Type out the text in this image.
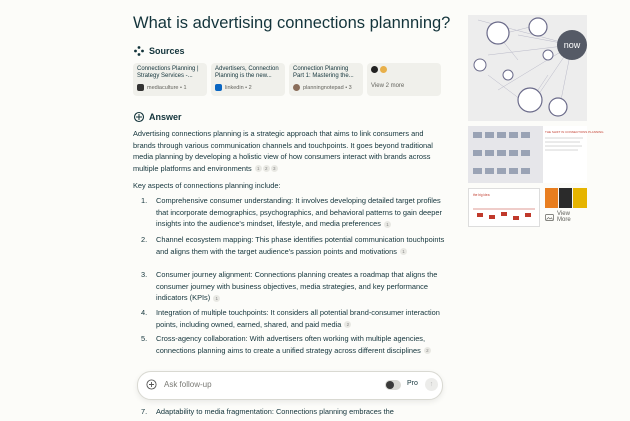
What is advertising connections plannning?
Sources
Connections Planning | Strategy Services -...
mediaculture • 1
Advertisers, Connection Planning is the new...
linkedin • 2
Connection Planning Part 1: Mastering the...
planningnotepad • 3	View 2 more
Answer
Advertising connections planning is a strategic approach that aims to link consumers and brands through various communication channels and touchpoints. It goes beyond traditional media planning by developing a holistic view of how consumers interact with brands across multiple platforms and environments 1 2 3
Key aspects of connections planning include:
1. Comprehensive consumer understanding: It involves developing detailed target profiles that incorporate demographics, psychographics, and behavioral patterns to gain deeper insights into the audience's mindset, lifestyle, and media preferences 1
2. Channel ecosystem mapping: This phase identifies potential communication touchpoints and aligns them with the target audience's passion points and motivations 1
3. Consumer journey alignment: Connections planning creates a roadmap that aligns the consumer journey with business objectives, media strategies, and key performance indicators (KPIs) 1
4. Integration of multiple touchpoints: It considers all potential brand-consumer interaction points, including owned, earned, shared, and paid media 2
5. Cross-agency collaboration: With advertisers often working with multiple agencies, connections planning aims to create a unified strategy across different disciplines 2
7. Adaptability to media fragmentation: Connections planning embraces the
Ask follow-up	Pro	↑
now
THE SHIFT IN CONNECTIONS PLANNING
the big idea
View More
